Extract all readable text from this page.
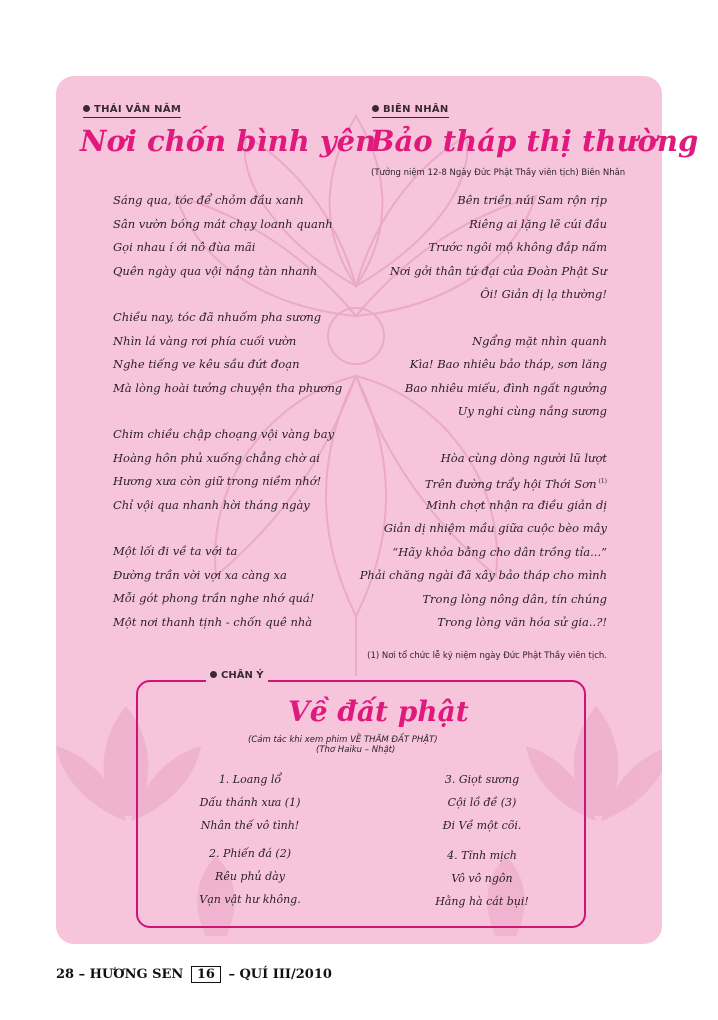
THÁI VĂN NĂM
Nơi chốn bình yên
Sáng qua, tóc để chỏm đầu xanh
Sân vườn bóng mát chạy loanh quanh
Gọi nhau í ới nô đùa mãi
Quên ngày qua vội nắng tàn nhanh
Chiều nay, tóc đã nhuốm pha sương
Nhìn lá vàng rơi phía cuối vườn
Nghe tiếng ve kêu sầu đứt đoạn
Mà lòng hoài tưởng chuyện tha phương
Chim chiều chập choạng vội vàng bay
Hoàng hôn phủ xuống chẳng chờ ai
Hương xưa còn giữ trong niềm nhớ!
Chỉ vội qua nhanh hời tháng ngày
Một lối đi về ta với ta
Đường trần vời vợi xa càng xa
Mỗi gót phong trần nghe nhớ quá!
Một nơi thanh tịnh - chốn quê nhà
BIÊN NHÂN
Bảo tháp thị thường
(Tưởng niệm 12-8 Ngày Đức Phật Thầy viên tịch) Biên Nhân
Bên triền núi Sam rộn rịp
Riêng ai lặng lẽ cúi đầu
Trước ngôi mộ không đắp nấm
Nơi gởi thân tứ đại của Đoàn Phật Sư
Ôi! Giản dị lạ thường!
Ngẩng mặt nhìn quanh
Kìa! Bao nhiêu bảo tháp, sơn lăng
Bao nhiêu miếu, đình ngất ngưởng
Uy nghi cùng nắng sương
Hòa cùng dòng người lũ lượt
Trên đường trẩy hội Thới Sơn $^{(1)}$
Mình chợt nhận ra điều giản dị
Giản dị nhiệm mầu giữa cuộc bèo mây
“Hãy khỏa bằng cho dân trồng tỉa...”
Phải chăng ngài đã xây bảo tháp cho mình
Trong lòng nông dân, tín chúng
Trong lòng văn hóa sử gia..?!
(1) Nơi tổ chức lễ kỷ niệm ngày Đức Phật Thầy viên tịch.
CHÂN Ý
Về đất phật
(Cảm tác khi xem phim VỀ THĂM ĐẤT PHẬT)
(Thơ Haiku – Nhật)
1. Loang lổ
Dấu thánh xưa (1)
Nhân thế vô tình!
2. Phiến đá (2)
Rêu phủ dày
Vạn vật hư không.
3. Giọt sương
Cội lồ đề (3)
Đi Về một cõi.
4. Tĩnh mịch
Vô vô ngôn
Hằng hà cát bụi!
28 – HƯƠNG SEN 16 – QUÍ III/2010
